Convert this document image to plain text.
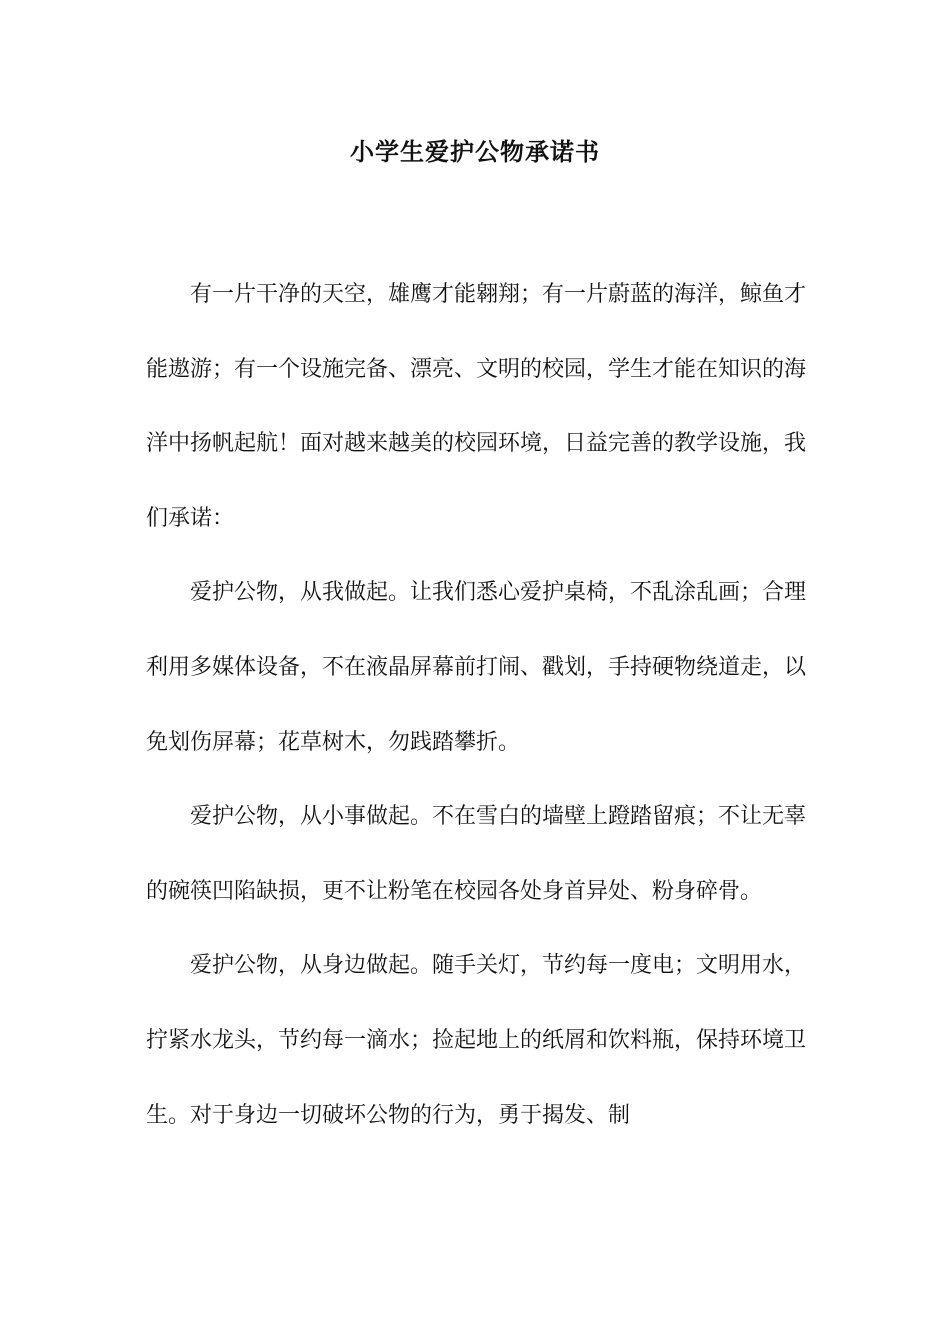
小学生爱护公物承诺书

有一片干净的天空，雄鹰才能翱翔；有一片蔚蓝的海洋，鲸鱼才能遨游；有一个设施完备、漂亮、文明的校园，学生才能在知识的海洋中扬帆起航！面对越来越美的校园环境，日益完善的教学设施，我们承诺：

爱护公物，从我做起。让我们悉心爱护桌椅，不乱涂乱画；合理利用多媒体设备，不在液晶屏幕前打闹、戳划，手持硬物绕道走，以免划伤屏幕；花草树木，勿践踏攀折。

爱护公物，从小事做起。不在雪白的墙壁上蹬踏留痕；不让无辜的碗筷凹陷缺损，更不让粉笔在校园各处身首异处、粉身碎骨。

爱护公物，从身边做起。随手关灯，节约每一度电；文明用水，拧紧水龙头，节约每一滴水；捡起地上的纸屑和饮料瓶，保持环境卫生。对于身边一切破坏公物的行为，勇于揭发、制
